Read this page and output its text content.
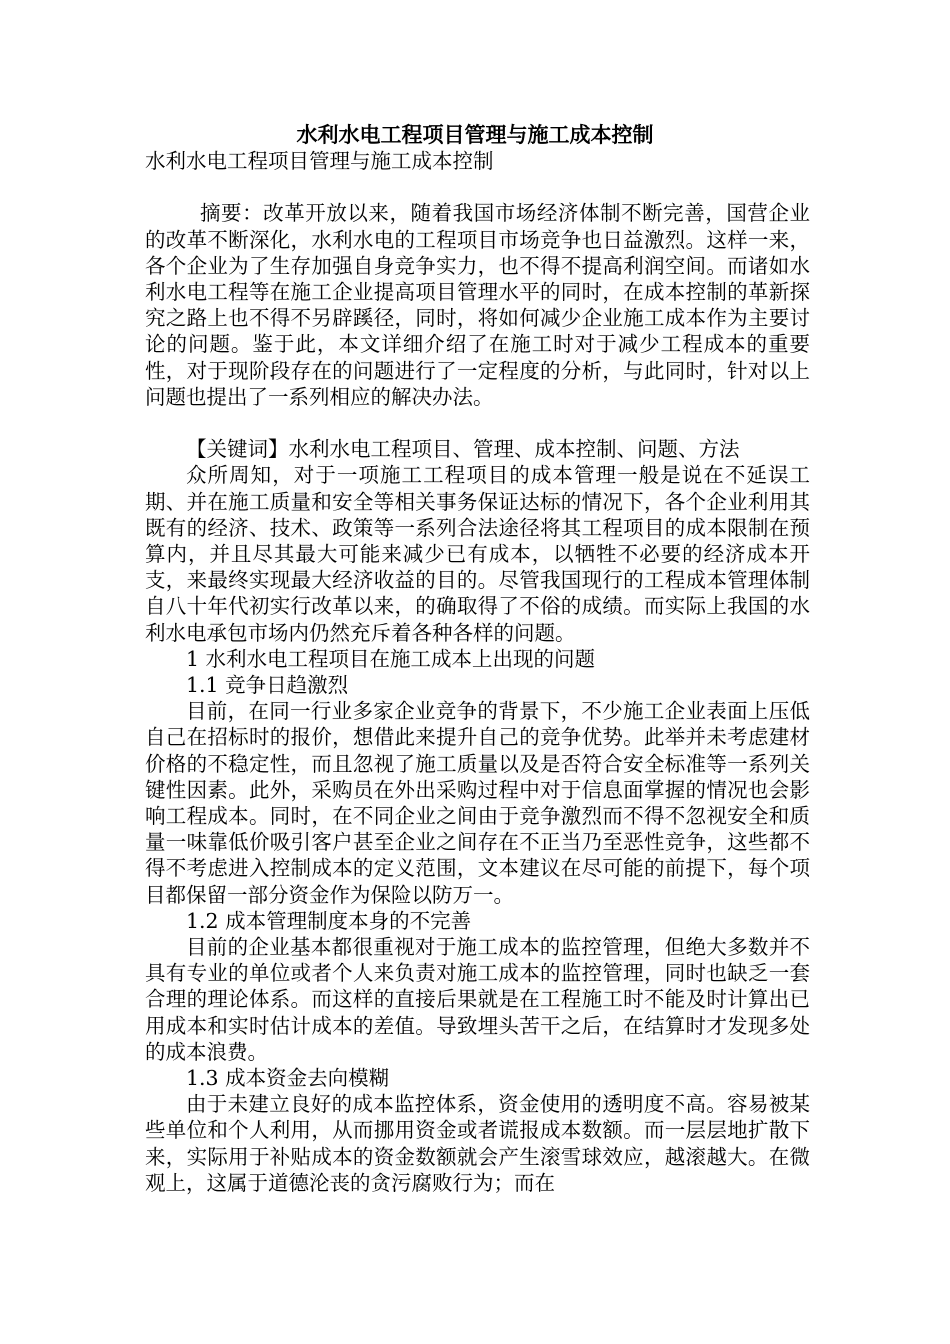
水利水电工程项目管理与施工成本控制

水利水电工程项目管理与施工成本控制

摘要：改革开放以来，随着我国市场经济体制不断完善，国营企业的改革不断深化，水利水电的工程项目市场竞争也日益激烈。这样一来，各个企业为了生存加强自身竞争实力，也不得不提高利润空间。而诸如水利水电工程等在施工企业提高项目管理水平的同时，在成本控制的革新探究之路上也不得不另辟蹊径，同时，将如何减少企业施工成本作为主要讨论的问题。鉴于此，本文详细介绍了在施工时对于减少工程成本的重要性，对于现阶段存在的问题进行了一定程度的分析，与此同时，针对以上问题也提出了一系列相应的解决办法。

【关键词】水利水电工程项目、管理、成本控制、问题、方法

众所周知，对于一项施工工程项目的成本管理一般是说在不延误工期、并在施工质量和安全等相关事务保证达标的情况下，各个企业利用其既有的经济、技术、政策等一系列合法途径将其工程项目的成本限制在预算内，并且尽其最大可能来减少已有成本，以牺牲不必要的经济成本开支，来最终实现最大经济收益的目的。尽管我国现行的工程成本管理体制自八十年代初实行改革以来，的确取得了不俗的成绩。而实际上我国的水利水电承包市场内仍然充斥着各种各样的问题。

1 水利水电工程项目在施工成本上出现的问题

1.1 竞争日趋激烈

目前，在同一行业多家企业竞争的背景下，不少施工企业表面上压低自己在招标时的报价，想借此来提升自己的竞争优势。此举并未考虑建材价格的不稳定性，而且忽视了施工质量以及是否符合安全标准等一系列关键性因素。此外，采购员在外出采购过程中对于信息面掌握的情况也会影响工程成本。同时，在不同企业之间由于竞争激烈而不得不忽视安全和质量一味靠低价吸引客户甚至企业之间存在不正当乃至恶性竞争，这些都不得不考虑进入控制成本的定义范围，文本建议在尽可能的前提下，每个项目都保留一部分资金作为保险以防万一。

1.2 成本管理制度本身的不完善

目前的企业基本都很重视对于施工成本的监控管理，但绝大多数并不具有专业的单位或者个人来负责对施工成本的监控管理，同时也缺乏一套合理的理论体系。而这样的直接后果就是在工程施工时不能及时计算出已用成本和实时估计成本的差值。导致埋头苦干之后，在结算时才发现多处的成本浪费。

1.3 成本资金去向模糊

由于未建立良好的成本监控体系，资金使用的透明度不高。容易被某些单位和个人利用，从而挪用资金或者谎报成本数额。而一层层地扩散下来，实际用于补贴成本的资金数额就会产生滚雪球效应，越滚越大。在微观上，这属于道德沦丧的贪污腐败行为；而在
